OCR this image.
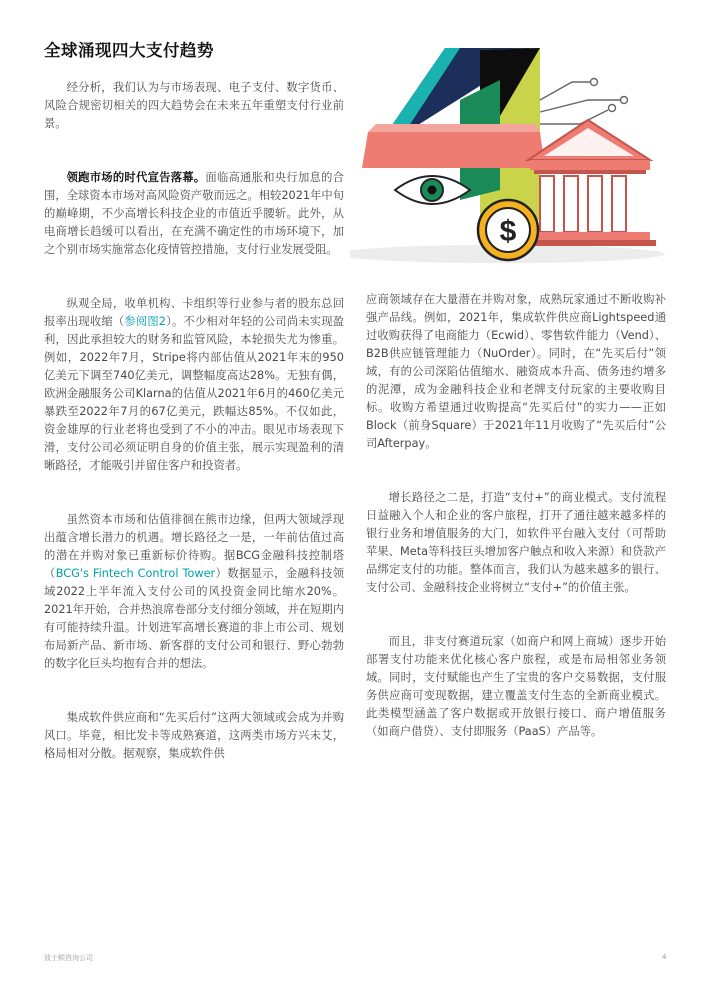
全球涌现四大支付趋势
$

经分析，我们认为与市场表现、电子支付、数字货币、风险合规密切相关的四大趋势会在未来五年重塑支付行业前景。

领跑市场的时代宣告落幕。面临高通胀和央行加息的合围，全球资本市场对高风险资产敬而远之。相较2021年中旬的巅峰期，不少高增长科技企业的市值近乎腰斩。此外，从电商增长趋缓可以看出，在充满不确定性的市场环境下，加之个别市场实施常态化疫情管控措施，支付行业发展受阻。

纵观全局，收单机构、卡组织等行业参与者的股东总回报率出现收缩（参阅图2）。不少相对年轻的公司尚未实现盈利，因此承担较大的财务和监管风险，本轮损失尤为惨重。例如，2022年7月，Stripe将内部估值从2021年末的950亿美元下调至740亿美元，调整幅度高达28%。无独有偶，欧洲金融服务公司Klarna的估值从2021年6月的460亿美元暴跌至2022年7月的67亿美元，跌幅达85%。不仅如此，资金雄厚的行业老将也受到了不小的冲击。眼见市场表现下滑，支付公司必须证明自身的价值主张，展示实现盈利的清晰路径，才能吸引并留住客户和投资者。

虽然资本市场和估值徘徊在熊市边缘，但两大领域浮现出蕴含增长潜力的机遇。增长路径之一是，一年前估值过高的潜在并购对象已重新标价待购。据BCG金融科技控制塔（BCG's Fintech Control Tower）数据显示，金融科技领域2022上半年流入支付公司的风投资金同比缩水20%。2021年开始，合并热浪席卷部分支付细分领域，并在短期内有可能持续升温。计划进军高增长赛道的非上市公司、规划布局新产品、新市场、新客群的支付公司和银行、野心勃勃的数字化巨头均抱有合并的想法。

集成软件供应商和“先买后付”这两大领域或会成为并购风口。毕竟，相比发卡等成熟赛道，这两类市场方兴未艾，格局相对分散。据观察，集成软件供

应商领域存在大量潜在并购对象，成熟玩家通过不断收购补强产品线。例如，2021年，集成软件供应商Lightspeed通过收购获得了电商能力（Ecwid）、零售软件能力（Vend）、B2B供应链管理能力（NuOrder）。同时，在“先买后付”领域，有的公司深陷估值缩水、融资成本升高、债务违约增多的泥潭，成为金融科技企业和老牌支付玩家的主要收购目标。收购方希望通过收购提高“先买后付”的实力——正如Block（前身Square）于2021年11月收购了“先买后付”公司Afterpay。

增长路径之二是，打造“支付+”的商业模式。支付流程日益融入个人和企业的客户旅程，打开了通往越来越多样的银行业务和增值服务的大门，如软件平台融入支付（可帮助苹果、Meta等科技巨头增加客户触点和收入来源）和贷款产品绑定支付的功能。整体而言，我们认为越来越多的银行、支付公司、金融科技企业将树立“支付+”的价值主张。

而且，非支付赛道玩家（如商户和网上商城）逐步开始部署支付功能来优化核心客户旅程，或是布局相邻业务领域。同时，支付赋能也产生了宝贵的客户交易数据，支付服务供应商可变现数据，建立覆盖支付生态的全新商业模式。此类模型涵盖了客户数据或开放银行接口、商户增值服务（如商户借贷）、支付即服务（PaaS）产品等。

波士顿咨询公司	4
